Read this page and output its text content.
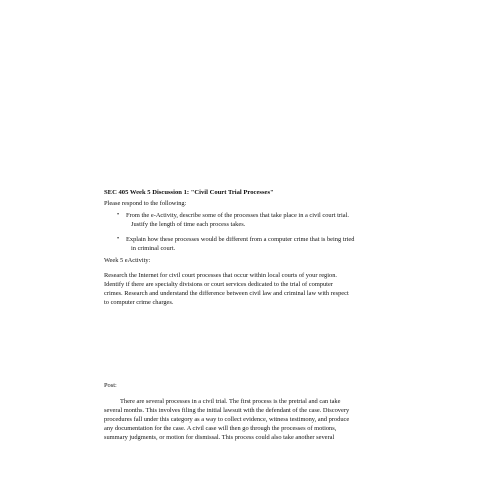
SEC 405 Week 5 Discussion 1: "Civil Court Trial Processes"
Please respond to the following:
• From the e-Activity, describe some of the processes that take place in a civil court trial.
Justify the length of time each process takes.
• Explain how these processes would be different from a computer crime that is being tried
in criminal court.
Week 5 eActivity:
Research the Internet for civil court processes that occur within local courts of your region.
Identify if there are specialty divisions or court services dedicated to the trial of computer
crimes. Research and understand the difference between civil law and criminal law with respect
to computer crime charges.
Post:
There are several processes in a civil trial. The first process is the pretrial and can take
several months. This involves filing the initial lawsuit with the defendant of the case. Discovery
procedures fall under this category as a way to collect evidence, witness testimony, and produce
any documentation for the case. A civil case will then go through the processes of motions,
summary judgments, or motion for dismissal. This process could also take another several
